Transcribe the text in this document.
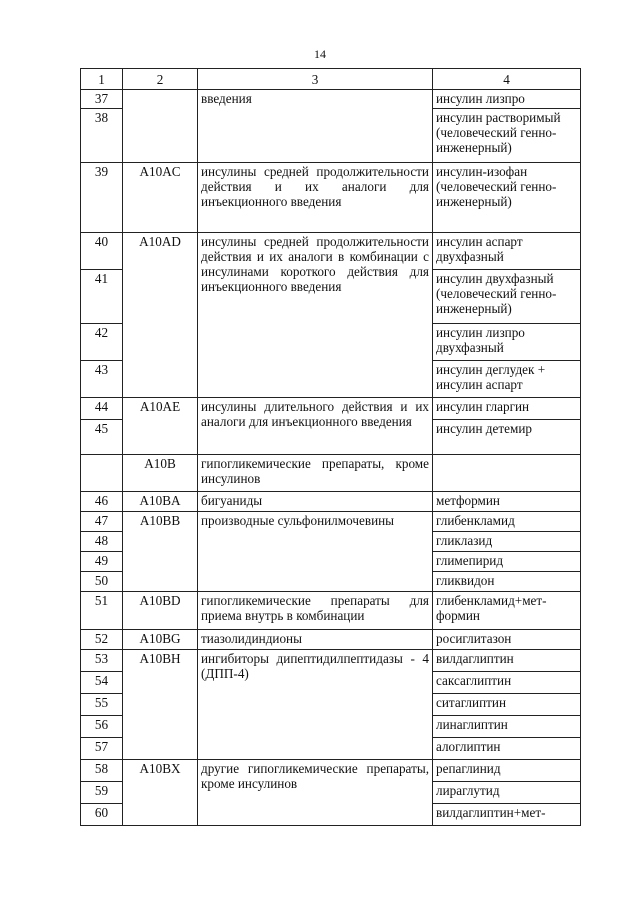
14
1	2	3	4
37		введения	инсулин лизпро
38			инсулин растворимый (человеческий генно-инженерный)
39	A10AC	инсулины средней продолжительности действия и их аналоги для инъекционного введения	инсулин-изофан (человеческий генно-инженерный)
40	A10AD	инсулины средней продолжительности действия и их аналоги в комбинации с инсулинами короткого действия для инъекционного введения	инсулин аспарт двухфазный
41			инсулин двухфазный (человеческий генно-инженерный)
42			инсулин лизпро двухфазный
43			инсулин деглудек + инсулин аспарт
44	A10AE	инсулины длительного действия и их аналоги для инъекционного введения	инсулин гларгин
45			инсулин детемир
	A10B	гипогликемические препараты, кроме инсулинов	
46	A10BA	бигуаниды	метформин
47	A10BB	производные сульфонилмочевины	глибенкламид
48			гликлазид
49			глимепирид
50			гликвидон
51	A10BD	гипогликемические препараты для приема внутрь в комбинации	глибенкламид+мет-формин
52	A10BG	тиазолидиндионы	росиглитазон
53	A10BH	ингибиторы дипептидилпептидазы - 4 (ДПП-4)	вилдаглиптин
54			саксаглиптин
55			ситаглиптин
56			линаглиптин
57			алоглиптин
58	A10BX	другие гипогликемические препараты, кроме инсулинов	репаглинид
59			лираглутид
60			вилдаглиптин+мет-
